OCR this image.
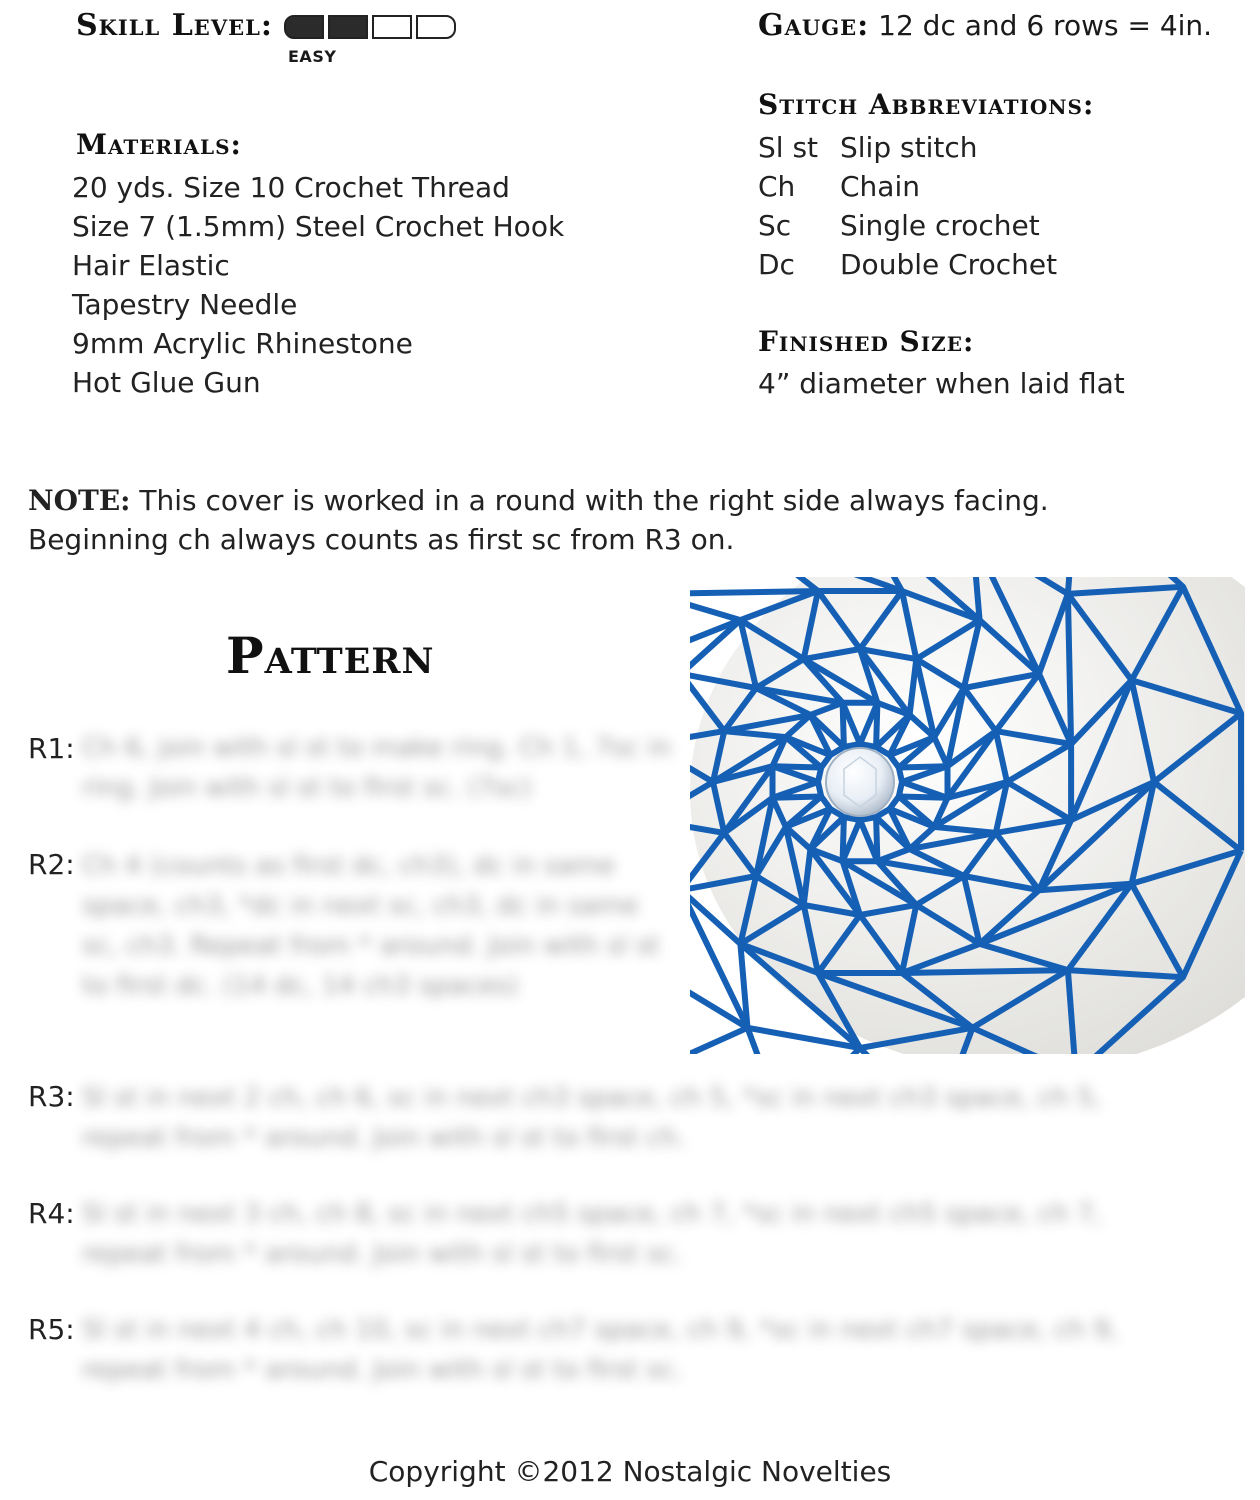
Skill Level:
EASY
Gauge: 12 dc and 6 rows = 4in.
Materials:
20 yds. Size 10 Crochet Thread
Size 7 (1.5mm) Steel Crochet Hook
Hair Elastic
Tapestry Needle
9mm Acrylic Rhinestone
Hot Glue Gun
Stitch Abbreviations:
Sl st Slip stitch
Ch	Chain
Sc	Single crochet
Dc	Double Crochet
Finished Size:
4” diameter when laid flat
NOTE: This cover is worked in a round with the right side always facing.
Beginning ch always counts as first sc from R3 on.
Pattern
R1: Ch 6, join with sl st to make ring. Ch 1, 7sc in ring. Join with sl st to first sc. (7sc)
R2: Ch 4 (counts as first dc, ch3), dc in same space, ch3, *dc in next sc, ch3, dc in same sc, ch3. Repeat from * around. Join with sl st to first dc. (14 dc, 14 ch3 spaces)
R3: Sl st in next 2 ch, ch 6, sc in next ch3 space, ch 5, *sc in next ch3 space, ch 5, repeat from * around. Join with sl st to first ch.
R4: Sl st in next 3 ch, ch 8, sc in next ch5 space, ch 7, *sc in next ch5 space, ch 7, repeat from * around. Join with sl st to first sc.
R5: Sl st in next 4 ch, ch 10, sc in next ch7 space, ch 9, *sc in next ch7 space, ch 9, repeat from * around. Join with sl st to first sc.
Copyright ©2012 Nostalgic Novelties
